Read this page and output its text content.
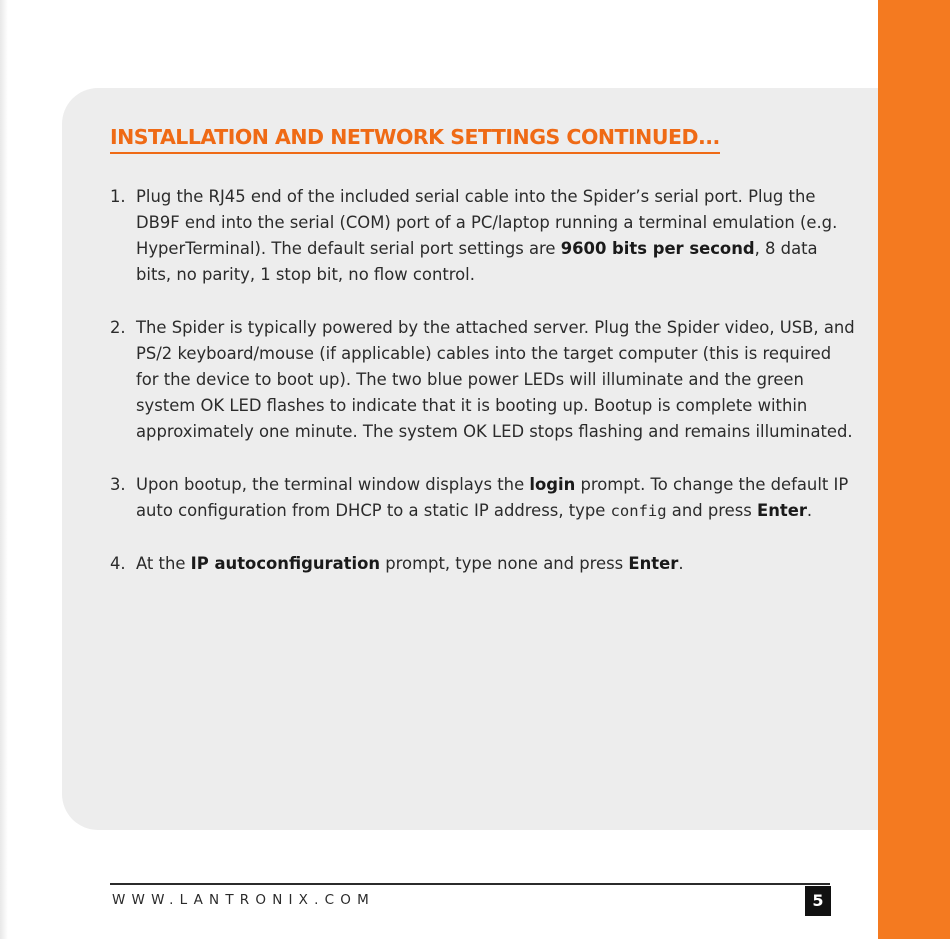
INSTALLATION AND NETWORK SETTINGS CONTINUED...
1. Plug the RJ45 end of the included serial cable into the Spider’s serial port. Plug the DB9F end into the serial (COM) port of a PC/laptop running a terminal emulation (e.g. HyperTerminal). The default serial port settings are 9600 bits per second, 8 data bits, no parity, 1 stop bit, no flow control.
2. The Spider is typically powered by the attached server. Plug the Spider video, USB, and PS/2 keyboard/mouse (if applicable) cables into the target computer (this is required for the device to boot up). The two blue power LEDs will illuminate and the green system OK LED flashes to indicate that it is booting up. Bootup is complete within approximately one minute. The system OK LED stops flashing and remains illuminated.
3. Upon bootup, the terminal window displays the login prompt. To change the default IP auto configuration from DHCP to a static IP address, type config and press Enter.
4. At the IP autoconfiguration prompt, type none and press Enter.
WWW.LANTRONIX.COM	5
